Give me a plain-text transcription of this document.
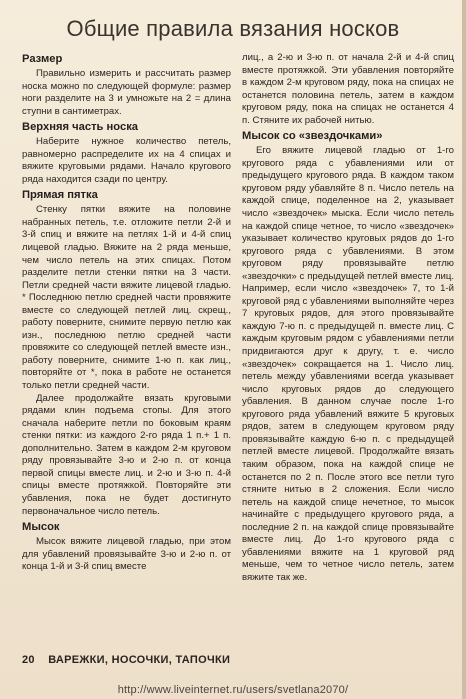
Общие правила вязания носков
Размер

Правильно измерить и рассчитать размер носка можно по следующей формуле: размер ноги разделите на 3 и умножьте на 2 = длина ступни в сантиметрах.

Верхняя часть носка

Наберите нужное количество петель, равномерно распределите их на 4 спицах и вяжите круговыми рядами. Начало кругового ряда находится сзади по центру.

Прямая пятка

Стенку пятки вяжите на половине набранных петель, т.е. отложите петли 2-й и 3-й спиц и вяжите на петлях 1-й и 4-й спиц лицевой гладью. Вяжите на 2 ряда меньше, чем число петель на этих спицах. Потом разделите петли стенки пятки на 3 части. Петли средней части вяжите лицевой гладью. * Последнюю петлю средней части провяжите вместе со следующей петлей лиц. скрещ., работу поверните, снимите первую петлю как изн., последнюю петлю средней части провяжите со следующей петлей вместе изн., работу поверните, снимите 1-ю п. как лиц., повторяйте от *, пока в работе не останется только петли средней части.

Далее продолжайте вязать круговыми рядами клин подъема стопы. Для этого сначала наберите петли по боковым краям стенки пятки: из каждого 2-го ряда 1 п.+ 1 п. дополнительно. Затем в каждом 2-м круговом ряду провязывайте 3-ю и 2-ю п. от конца первой спицы вместе лиц. и 2-ю и 3-ю п. 4-й спицы вместе протяжкой. Повторяйте эти убавления, пока не будет достигнуто первоначальное число петель.

Мысок

Мысок вяжите лицевой гладью, при этом для убавлений провязывайте 3-ю и 2-ю п. от конца 1-й и 3-й спиц вместе

лиц., а 2-ю и 3-ю п. от начала 2-й и 4-й спиц вместе протяжкой. Эти убавления повторяйте в каждом 2-м круговом ряду, пока на спицах не останется половина петель, затем в каждом круговом ряду, пока на спицах не останется 4 п. Стяните их рабочей нитью.

Мысок со «звездочками»

Его вяжите лицевой гладью от 1-го кругового ряда с убавлениями или от предыдущего кругового ряда. В каждом таком круговом ряду убавляйте 8 п. Число петель на каждой спице, поделенное на 2, указывает число «звездочек» мыска. Если число петель на каждой спице четное, то число «звездочек» указывает количество круговых рядов до 1-го кругового ряда с убавлениями. В этом круговом ряду провязывайте петлю «звездочки» с предыдущей петлей вместе лиц. Например, если число «звездочек» 7, то 1-й круговой ряд с убавлениями выполняйте через 7 круговых рядов, для этого провязывайте каждую 7-ю п. с предыдущей п. вместе лиц. С каждым круговым рядом с убавлениями петли придвигаются друг к другу, т. е. число «звездочек» сокращается на 1. Число лиц. петель между убавлениями всегда указывает число круговых рядов до следующего убавления. В данном случае после 1-го кругового ряда убавлений вяжите 5 круговых рядов, затем в следующем круговом ряду провязывайте каждую 6-ю п. с предыдущей петлей вместе лицевой. Продолжайте вязать таким образом, пока на каждой спице не останется по 2 п. После этого все петли туго стяните нитью в 2 сложения. Если число петель на каждой спице нечетное, то мысок начинайте с предыдущего кругового ряда, а последние 2 п. на каждой спице провязывайте вместе лиц. До 1-го кругового ряда с убавлениями вяжите на 1 круговой ряд меньше, чем то четное число петель, затем вяжите так же.

20 ВАРЕЖКИ, НОСОЧКИ, ТАПОЧКИ
http://www.liveinternet.ru/users/svetlana2070/
